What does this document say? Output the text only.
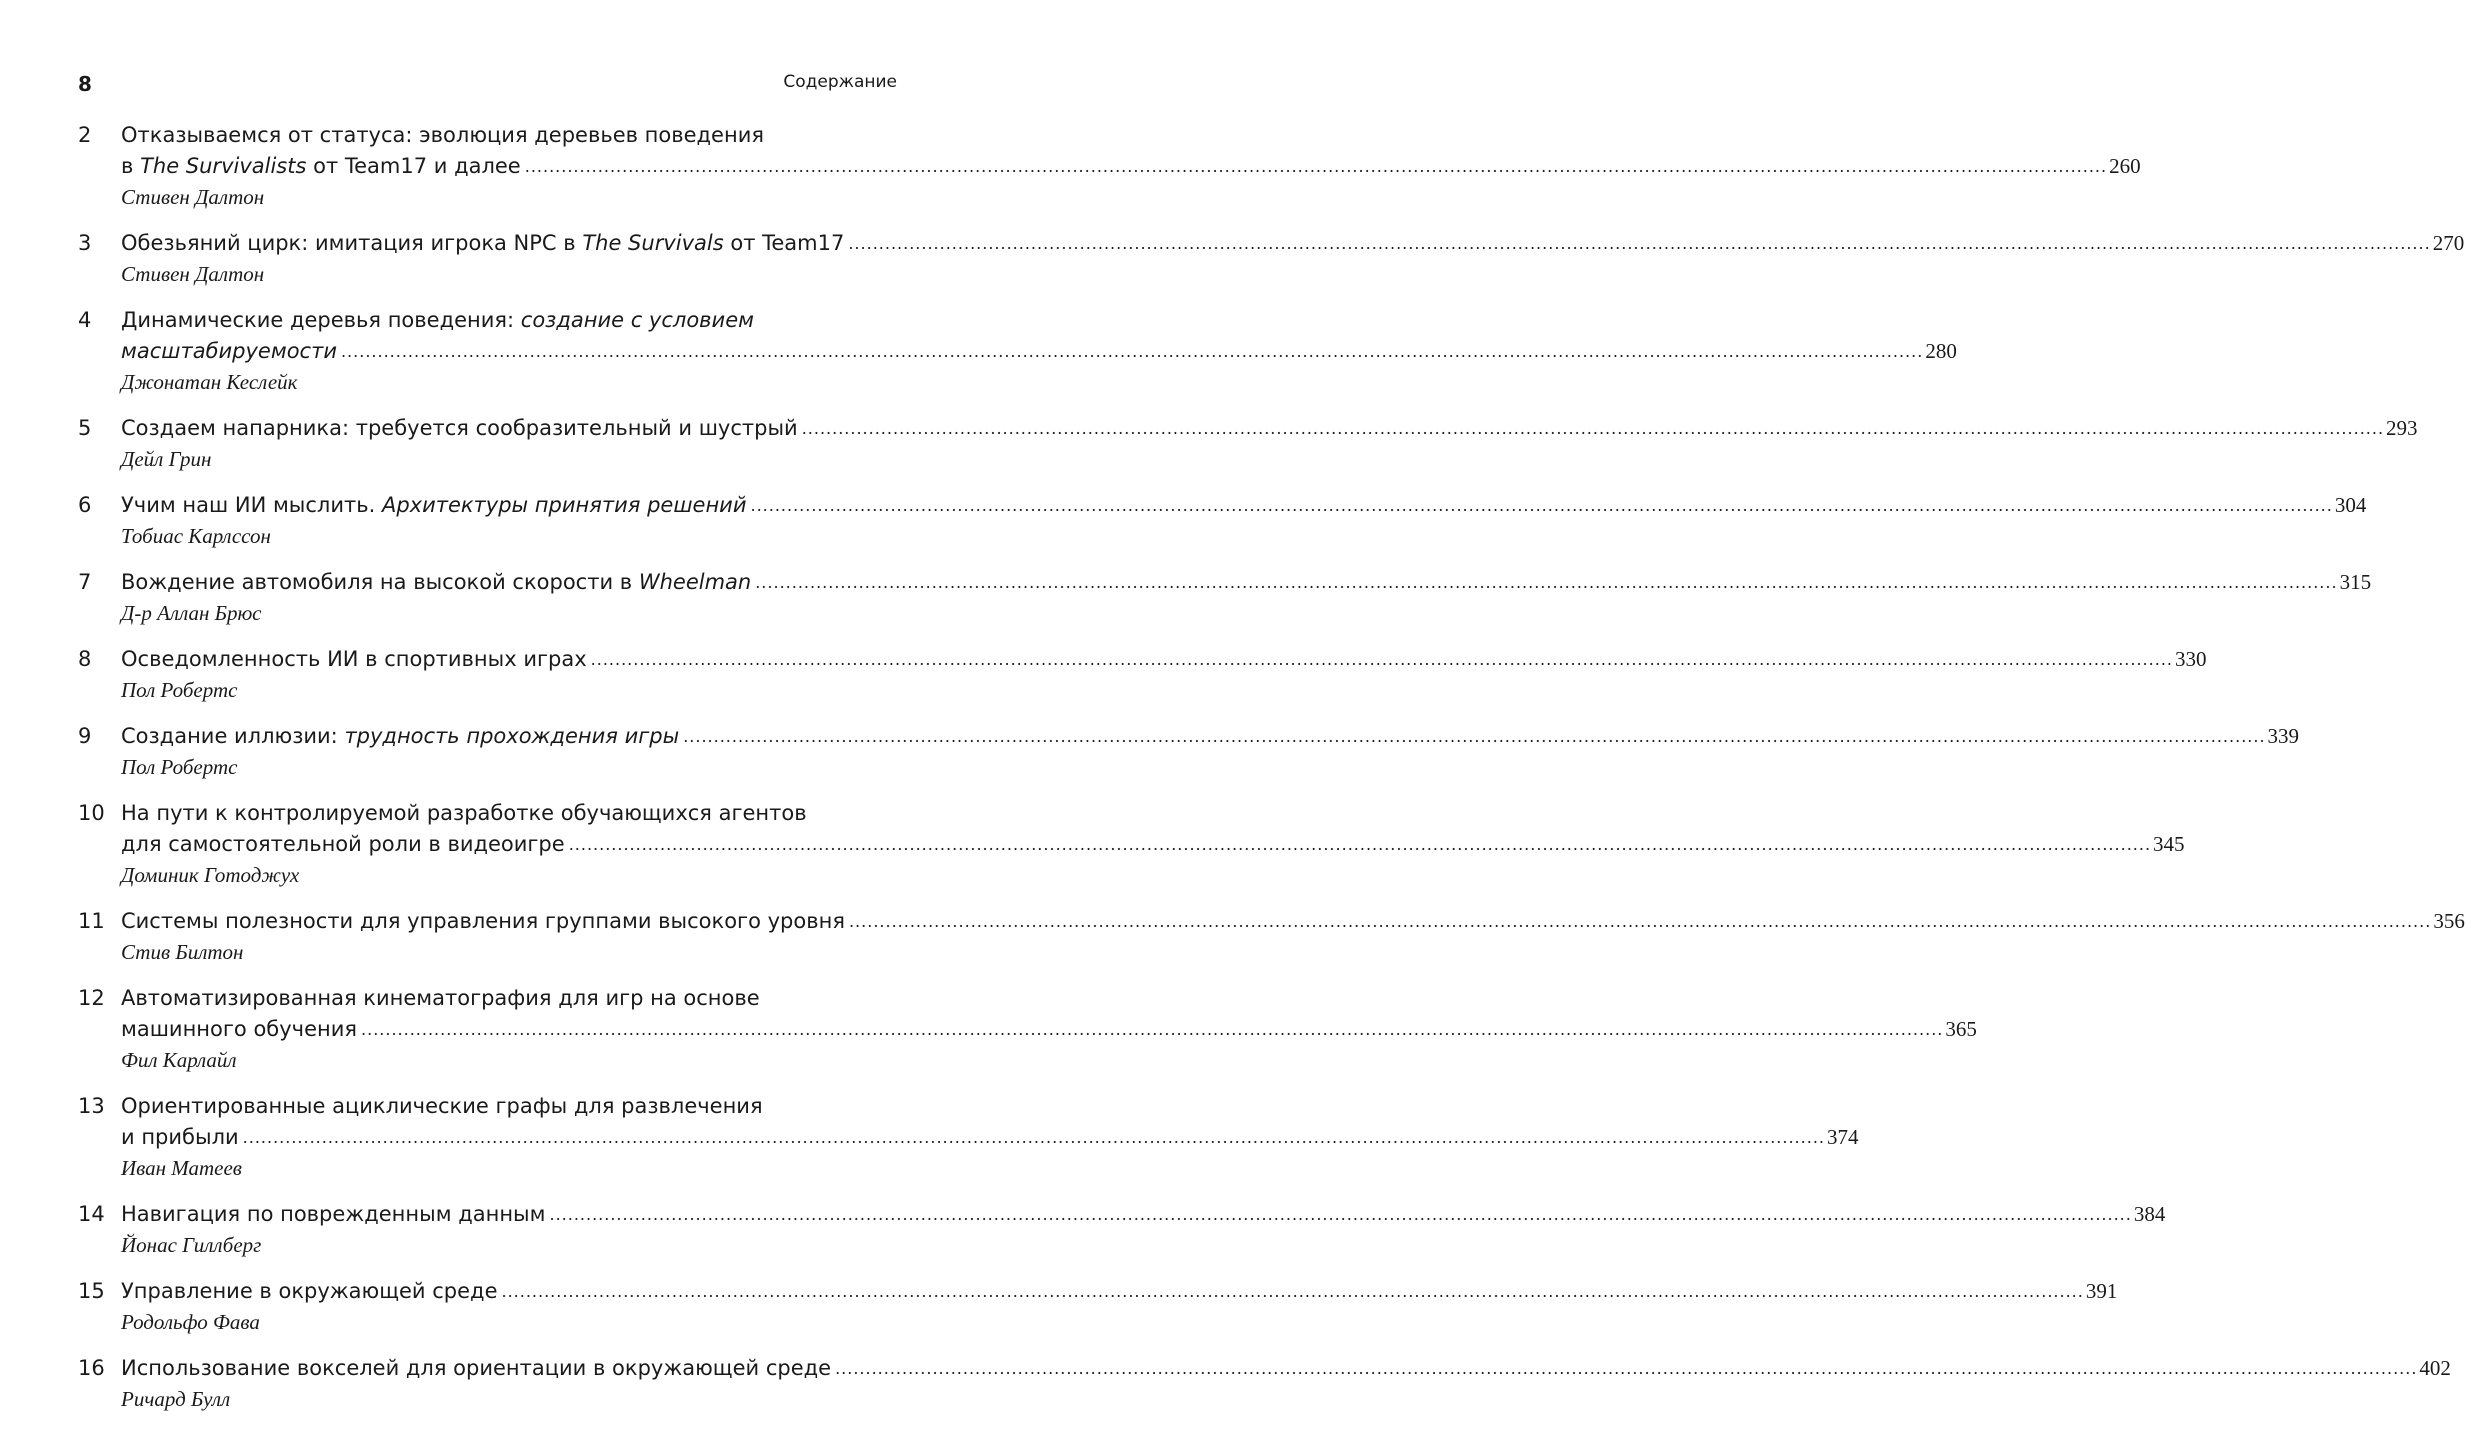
8	Содержание
2	Отказываемся от статуса: эволюция деревьев поведения
в The Survivalists от Team17 и далее .................................................................................................................................................................................................................................................................... 260
Стивен Далтон
3	Обезьяний цирк: имитация игрока NPC в The Survivals от Team17 .................................................................................................................................................................................................................................................................... 270
Стивен Далтон
4	Динамические деревья поведения: создание с условием
масштабируемости .................................................................................................................................................................................................................................................................... 280
Джонатан Кеслейк
5	Создаем напарника: требуется сообразительный и шустрый .................................................................................................................................................................................................................................................................... 293
Дейл Грин
6	Учим наш ИИ мыслить. Архитектуры принятия решений .................................................................................................................................................................................................................................................................... 304
Тобиас Карлссон
7	Вождение автомобиля на высокой скорости в Wheelman .................................................................................................................................................................................................................................................................... 315
Д-р Аллан Брюс
8	Осведомленность ИИ в спортивных играх .................................................................................................................................................................................................................................................................... 330
Пол Робертс
9	Создание иллюзии: трудность прохождения игры .................................................................................................................................................................................................................................................................... 339
Пол Робертс
10 На пути к контролируемой разработке обучающихся агентов
для самостоятельной роли в видеоигре .................................................................................................................................................................................................................................................................... 345
Доминик Готоджух
11 Системы полезности для управления группами высокого уровня .................................................................................................................................................................................................................................................................... 356
Стив Билтон
12 Автоматизированная кинематография для игр на основе
машинного обучения .................................................................................................................................................................................................................................................................... 365
Фил Карлайл
13 Ориентированные ациклические графы для развлечения
и прибыли .................................................................................................................................................................................................................................................................... 374
Иван Матеев
14 Навигация по поврежденным данным .................................................................................................................................................................................................................................................................... 384
Йонас Гиллберг
15 Управление в окружающей среде .................................................................................................................................................................................................................................................................... 391
Родольфо Фава
16 Использование вокселей для ориентации в окружающей среде .................................................................................................................................................................................................................................................................... 402
Ричард Булл
